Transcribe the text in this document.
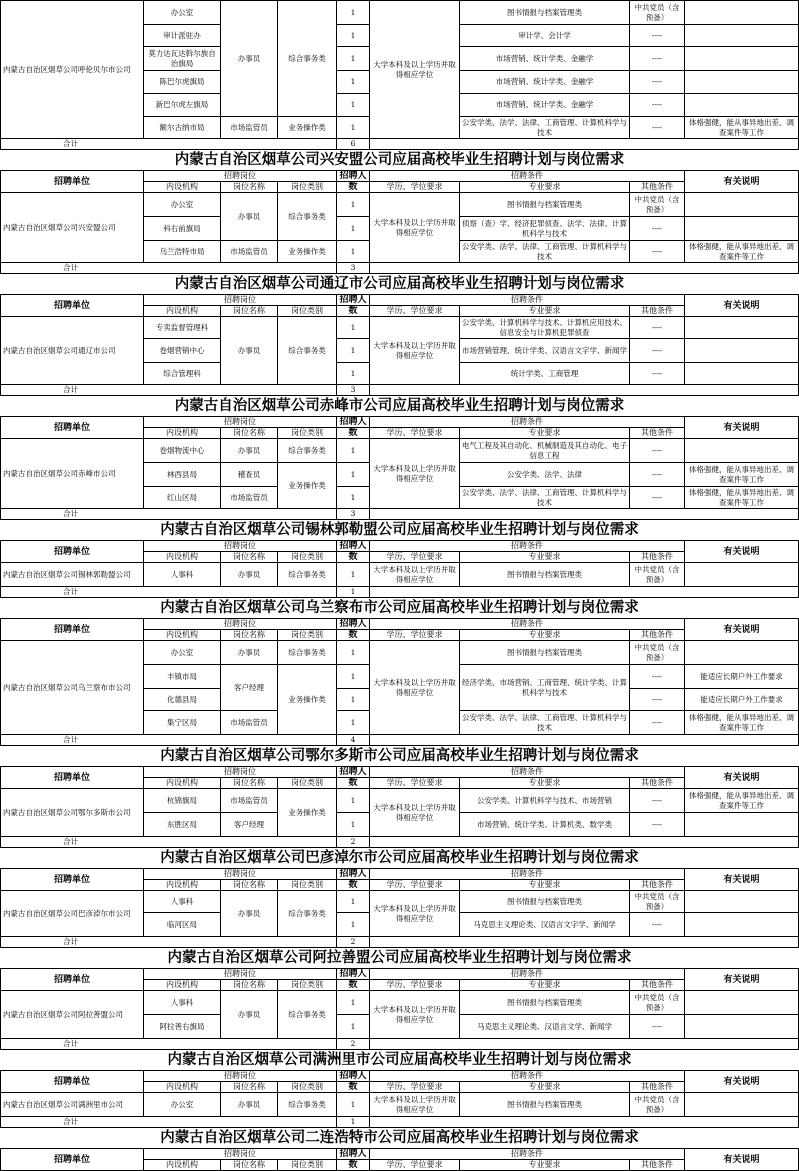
内蒙古自治区烟草公司呼伦贝尔市公司	办公室	办事员	综合事务类	1	大学本科及以上学历并取得相应学位	图书情报与档案管理类	中共党员（含预备）	
	审计派驻办			1		审计学、会计学	----	
	莫力达瓦达斡尔族自治旗局			1		市场营销、统计学类、金融学	----	
	陈巴尔虎旗局			1		市场营销、统计学类、金融学	----	
	新巴尔虎左旗局			1		市场营销、统计学类、金融学	----	
	额尔古纳市局	市场监管员	业务操作类	1		公安学类、法学、法律、工商管理、计算机科学与技术	----	体格强健，能从事异地出差、调查案件等工作
合计				6				
内蒙古自治区烟草公司兴安盟公司应届高校毕业生招聘计划与岗位需求
招聘单位	招聘岗位			招聘人	招聘条件			有关说明
	内设机构	岗位名称	岗位类别	数	学历、学位要求	专业要求	其他条件	
内蒙古自治区烟草公司兴安盟公司	办公室	办事员	综合事务类	1	大学本科及以上学历并取得相应学位	图书情报与档案管理类	中共党员（含预备）	
	科右前旗局			1		侦察（查）学、经济犯罪侦查、法学、法律、计算机科学与技术	----	
	乌兰浩特市局	市场监管员	业务操作类	1		公安学类、法学、法律、工商管理、计算机科学与技术	----	体格强健，能从事异地出差、调查案件等工作
合计				3				
内蒙古自治区烟草公司通辽市公司应届高校毕业生招聘计划与岗位需求
招聘单位	招聘岗位			招聘人	招聘条件			有关说明
	内设机构	岗位名称	岗位类别	数	学历、学位要求	专业要求	其他条件	
内蒙古自治区烟草公司通辽市公司	专卖监督管理科	办事员	综合事务类	1	大学本科及以上学历并取得相应学位	公安学类、计算机科学与技术、计算机应用技术、信息安全与计算机犯罪侦查	----	
	卷烟营销中心			1		市场营销管理、统计学类、汉语言文字学、新闻学	----	
	综合管理科			1		统计学类、工商管理	----	
合计				3				
内蒙古自治区烟草公司赤峰市公司应届高校毕业生招聘计划与岗位需求
招聘单位	招聘岗位			招聘人	招聘条件			有关说明
	内设机构	岗位名称	岗位类别	数	学历、学位要求	专业要求	其他条件	
内蒙古自治区烟草公司赤峰市公司	卷烟物流中心	办事员	综合事务类	1	大学本科及以上学历并取得相应学位	电气工程及其自动化、机械制造及其自动化、电子信息工程	----	
	林西县局	稽查员	业务操作类	1		公安学类、法学、法律	----	体格强健，能从事异地出差、调查案件等工作
	红山区局	市场监管员		1		公安学类、法学、法律、工商管理、计算机科学与技术	----	体格强健，能从事异地出差、调查案件等工作
合计				3				
内蒙古自治区烟草公司锡林郭勒盟公司应届高校毕业生招聘计划与岗位需求
招聘单位	招聘岗位			招聘人	招聘条件			有关说明
	内设机构	岗位名称	岗位类别	数	学历、学位要求	专业要求	其他条件	
内蒙古自治区烟草公司锡林郭勒盟公司	人事科	办事员	综合事务类	1	大学本科及以上学历并取得相应学位	图书情报与档案管理类	中共党员（含预备）	
合计				1				
内蒙古自治区烟草公司乌兰察布市公司应届高校毕业生招聘计划与岗位需求
招聘单位	招聘岗位			招聘人	招聘条件			有关说明
	内设机构	岗位名称	岗位类别	数	学历、学位要求	专业要求	其他条件	
内蒙古自治区烟草公司乌兰察布市公司	办公室	办事员	综合事务类	1	大学本科及以上学历并取得相应学位	图书情报与档案管理类	中共党员（含预备）	
	丰镇市局	客户经理	业务操作类	1		经济学类、市场营销、工商管理、统计学类、计算机科学与技术	----	能适应长期户外工作要求
	化德县局			1			----	能适应长期户外工作要求
	集宁区局	市场监管员		1		公安学类、法学、法律、工商管理、计算机科学与技术	----	体格强健，能从事异地出差、调查案件等工作
合计				4				
内蒙古自治区烟草公司鄂尔多斯市公司应届高校毕业生招聘计划与岗位需求
招聘单位	招聘岗位			招聘人	招聘条件			有关说明
	内设机构	岗位名称	岗位类别	数	学历、学位要求	专业要求	其他条件	
内蒙古自治区烟草公司鄂尔多斯市公司	杭锦旗局	市场监管员	业务操作类	1	大学本科及以上学历并取得相应学位	公安学类、计算机科学与技术、市场营销	----	体格强健，能从事异地出差、调查案件等工作
	东胜区局	客户经理		1		市场营销、统计学类、计算机类、数学类	----	
合计				2				
内蒙古自治区烟草公司巴彦淖尔市公司应届高校毕业生招聘计划与岗位需求
招聘单位	招聘岗位			招聘人	招聘条件			有关说明
	内设机构	岗位名称	岗位类别	数	学历、学位要求	专业要求	其他条件	
内蒙古自治区烟草公司巴彦淖尔市公司	人事科	办事员	综合事务类	1	大学本科及以上学历并取得相应学位	图书情报与档案管理类	中共党员（含预备）	
	临河区局			1		马克思主义理论类、汉语言文字学、新闻学	----	
合计				2				
内蒙古自治区烟草公司阿拉善盟公司应届高校毕业生招聘计划与岗位需求
招聘单位	招聘岗位			招聘人	招聘条件			有关说明
	内设机构	岗位名称	岗位类别	数	学历、学位要求	专业要求	其他条件	
内蒙古自治区烟草公司阿拉善盟公司	人事科	办事员	综合事务类	1	大学本科及以上学历并取得相应学位	图书情报与档案管理类	中共党员（含预备）	
	阿拉善右旗局			1		马克思主义理论类、汉语言文学、新闻学	----	
合计				2				
内蒙古自治区烟草公司满洲里市公司应届高校毕业生招聘计划与岗位需求
招聘单位	招聘岗位			招聘人	招聘条件			有关说明
	内设机构	岗位名称	岗位类别	数	学历、学位要求	专业要求	其他条件	
内蒙古自治区烟草公司满洲里市公司	办公室	办事员	综合事务类	1	大学本科及以上学历并取得相应学位	图书情报与档案管理类	中共党员（含预备）	
合计				1				
内蒙古自治区烟草公司二连浩特市公司应届高校毕业生招聘计划与岗位需求
招聘单位	招聘岗位			招聘人	招聘条件			有关说明
	内设机构	岗位名称	岗位类别	数	学历、学位要求	专业要求	其他条件	
